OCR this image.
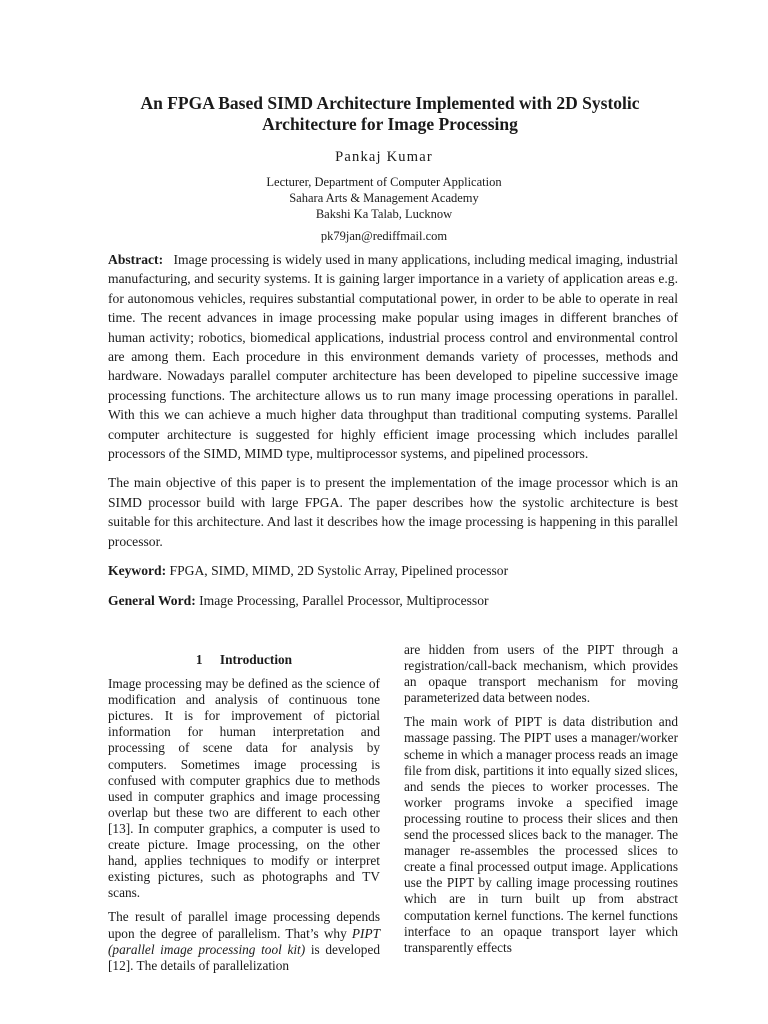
An FPGA Based SIMD Architecture Implemented with 2D Systolic Architecture for Image Processing
Pankaj Kumar
Lecturer, Department of Computer Application
Sahara Arts & Management Academy
Bakshi Ka Talab, Lucknow
pk79jan@rediffmail.com

Abstract: Image processing is widely used in many applications, including medical imaging, industrial manufacturing, and security systems. It is gaining larger importance in a variety of application areas e.g. for autonomous vehicles, requires substantial computational power, in order to be able to operate in real time. The recent advances in image processing make popular using images in different branches of human activity; robotics, biomedical applications, industrial process control and environmental control are among them. Each procedure in this environment demands variety of processes, methods and hardware. Nowadays parallel computer architecture has been developed to pipeline successive image processing functions. The architecture allows us to run many image processing operations in parallel. With this we can achieve a much higher data throughput than traditional computing systems. Parallel computer architecture is suggested for highly efficient image processing which includes parallel processors of the SIMD, MIMD type, multiprocessor systems, and pipelined processors.

The main objective of this paper is to present the implementation of the image processor which is an SIMD processor build with large FPGA. The paper describes how the systolic architecture is best suitable for this architecture. And last it describes how the image processing is happening in this parallel processor.

Keyword: FPGA, SIMD, MIMD, 2D Systolic Array, Pipelined processor

General Word: Image Processing, Parallel Processor, Multiprocessor

1 Introduction

Image processing may be defined as the science of modification and analysis of continuous tone pictures. It is for improvement of pictorial information for human interpretation and processing of scene data for analysis by computers. Sometimes image processing is confused with computer graphics due to methods used in computer graphics and image processing overlap but these two are different to each other [13]. In computer graphics, a computer is used to create picture. Image processing, on the other hand, applies techniques to modify or interpret existing pictures, such as photographs and TV scans.

The result of parallel image processing depends upon the degree of parallelism. That’s why PIPT (parallel image processing tool kit) is developed [12]. The details of parallelization

are hidden from users of the PIPT through a registration/call-back mechanism, which provides an opaque transport mechanism for moving parameterized data between nodes.

The main work of PIPT is data distribution and massage passing. The PIPT uses a manager/worker scheme in which a manager process reads an image file from disk, partitions it into equally sized slices, and sends the pieces to worker processes. The worker programs invoke a specified image processing routine to process their slices and then send the processed slices back to the manager. The manager re-assembles the processed slices to create a final processed output image. Applications use the PIPT by calling image processing routines which are in turn built up from abstract computation kernel functions. The kernel functions interface to an opaque transport layer which transparently effects
